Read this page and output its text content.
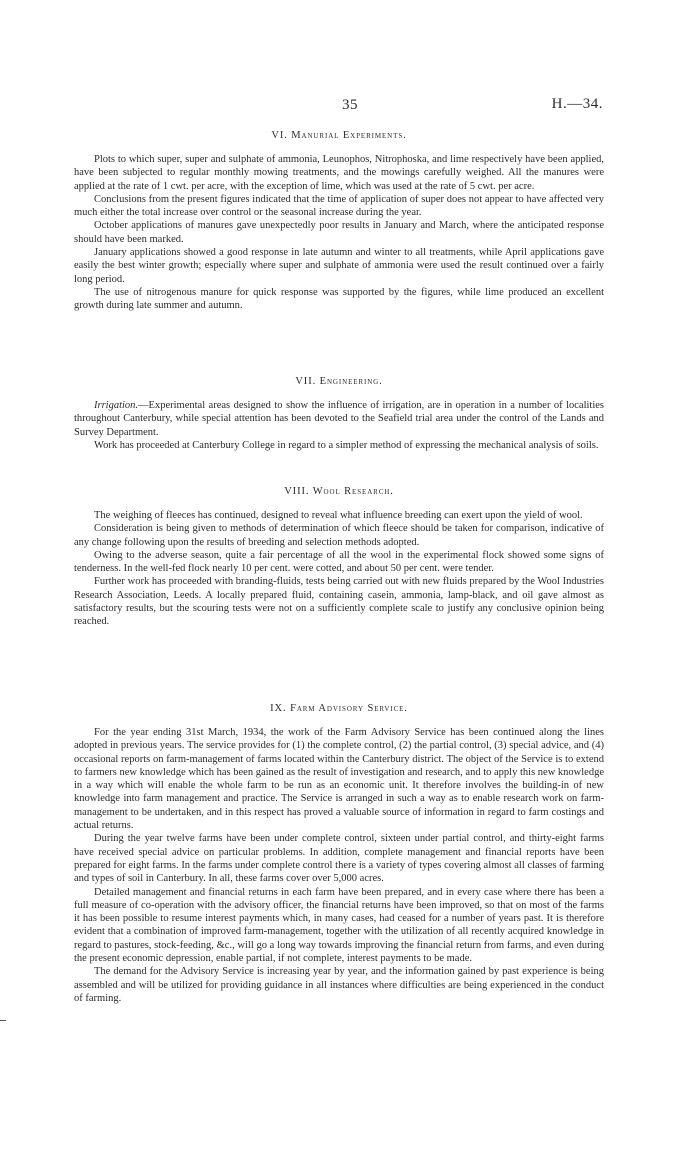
35	H.—34.
VI. Manurial Experiments.

Plots to which super, super and sulphate of ammonia, Leunophos, Nitrophoska, and lime respectively have been applied, have been subjected to regular monthly mowing treatments, and the mowings carefully weighed. All the manures were applied at the rate of 1 cwt. per acre, with the exception of lime, which was used at the rate of 5 cwt. per acre.

Conclusions from the present figures indicated that the time of application of super does not appear to have affected very much either the total increase over control or the seasonal increase during the year.

October applications of manures gave unexpectedly poor results in January and March, where the anticipated response should have been marked.

January applications showed a good response in late autumn and winter to all treatments, while April applications gave easily the best winter growth; especially where super and sulphate of ammonia were used the result continued over a fairly long period.

The use of nitrogenous manure for quick response was supported by the figures, while lime produced an excellent growth during late summer and autumn.

VII. Engineering.

Irrigation.—Experimental areas designed to show the influence of irrigation, are in operation in a number of localities throughout Canterbury, while special attention has been devoted to the Seafield trial area under the control of the Lands and Survey Department.

Work has proceeded at Canterbury College in regard to a simpler method of expressing the mechanical analysis of soils.

VIII. Wool Research.

The weighing of fleeces has continued, designed to reveal what influence breeding can exert upon the yield of wool.

Consideration is being given to methods of determination of which fleece should be taken for comparison, indicative of any change following upon the results of breeding and selection methods adopted.

Owing to the adverse season, quite a fair percentage of all the wool in the experimental flock showed some signs of tenderness. In the well-fed flock nearly 10 per cent. were cotted, and about 50 per cent. were tender.

Further work has proceeded with branding-fluids, tests being carried out with new fluids prepared by the Wool Industries Research Association, Leeds. A locally prepared fluid, containing casein, ammonia, lamp-black, and oil gave almost as satisfactory results, but the scouring tests were not on a sufficiently complete scale to justify any conclusive opinion being reached.

IX. Farm Advisory Service.

For the year ending 31st March, 1934, the work of the Farm Advisory Service has been continued along the lines adopted in previous years. The service provides for (1) the complete control, (2) the partial control, (3) special advice, and (4) occasional reports on farm-management of farms located within the Canterbury district. The object of the Service is to extend to farmers new knowledge which has been gained as the result of investigation and research, and to apply this new knowledge in a way which will enable the whole farm to be run as an economic unit. It therefore involves the building-in of new knowledge into farm management and practice. The Service is arranged in such a way as to enable research work on farm-management to be undertaken, and in this respect has proved a valuable source of information in regard to farm costings and actual returns.

During the year twelve farms have been under complete control, sixteen under partial control, and thirty-eight farms have received special advice on particular problems. In addition, complete management and financial reports have been prepared for eight farms. In the farms under complete control there is a variety of types covering almost all classes of farming and types of soil in Canterbury. In all, these farms cover over 5,000 acres.

Detailed management and financial returns in each farm have been prepared, and in every case where there has been a full measure of co-operation with the advisory officer, the financial returns have been improved, so that on most of the farms it has been possible to resume interest payments which, in many cases, had ceased for a number of years past. It is therefore evident that a combination of improved farm-management, together with the utilization of all recently acquired knowledge in regard to pastures, stock-feeding, &c., will go a long way towards improving the financial return from farms, and even during the present economic depression, enable partial, if not complete, interest payments to be made.

The demand for the Advisory Service is increasing year by year, and the information gained by past experience is being assembled and will be utilized for providing guidance in all instances where difficulties are being experienced in the conduct of farming.
